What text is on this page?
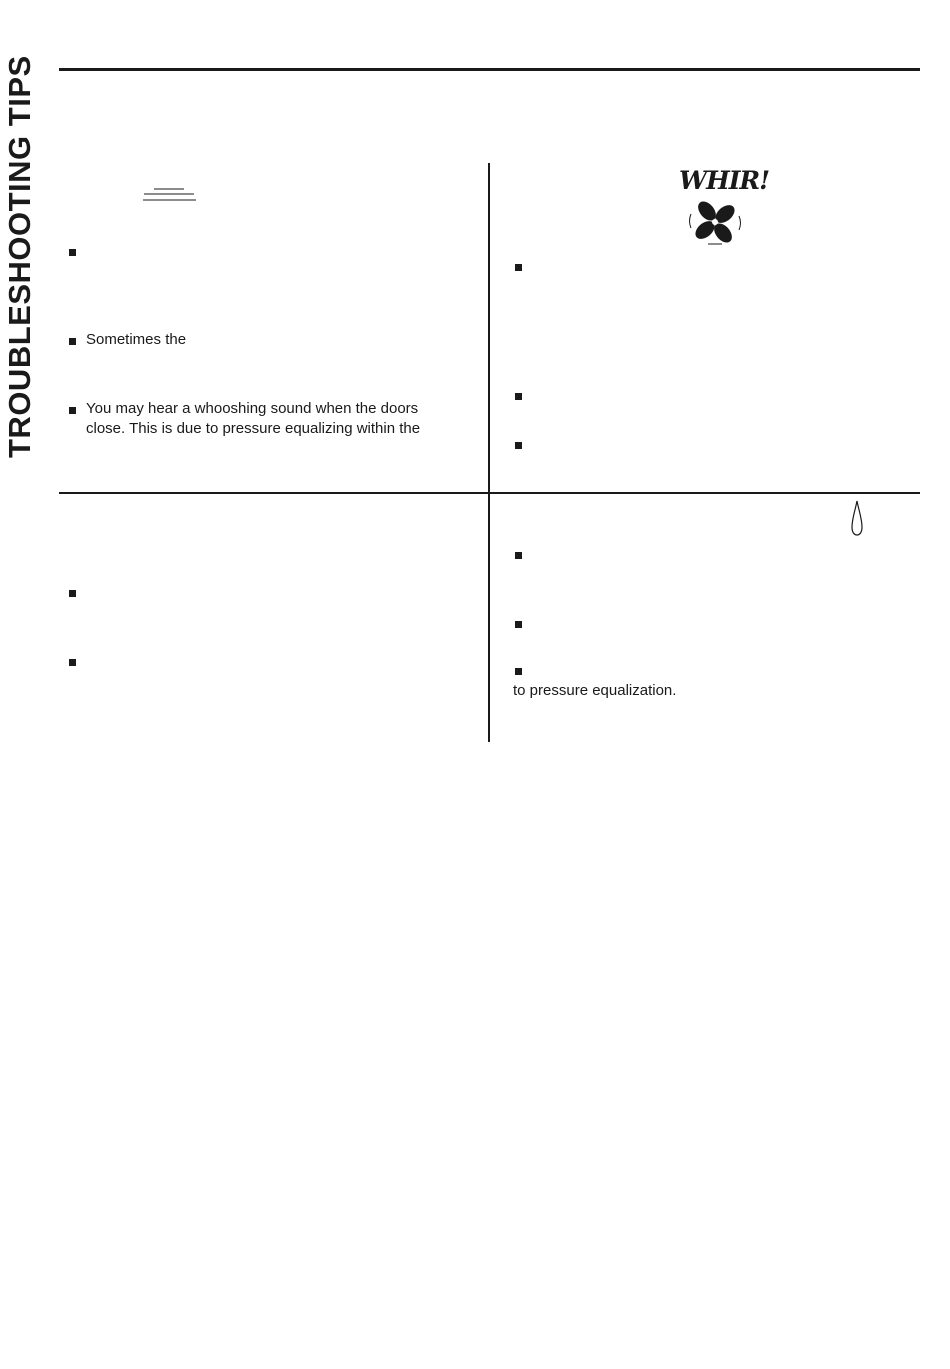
TROUBLESHOOTING TIPS	Sometimes the
You may hear a whooshing sound when the doors
close. This is due to pressure equalizing within the
WHIR!
to pressure equalization.
